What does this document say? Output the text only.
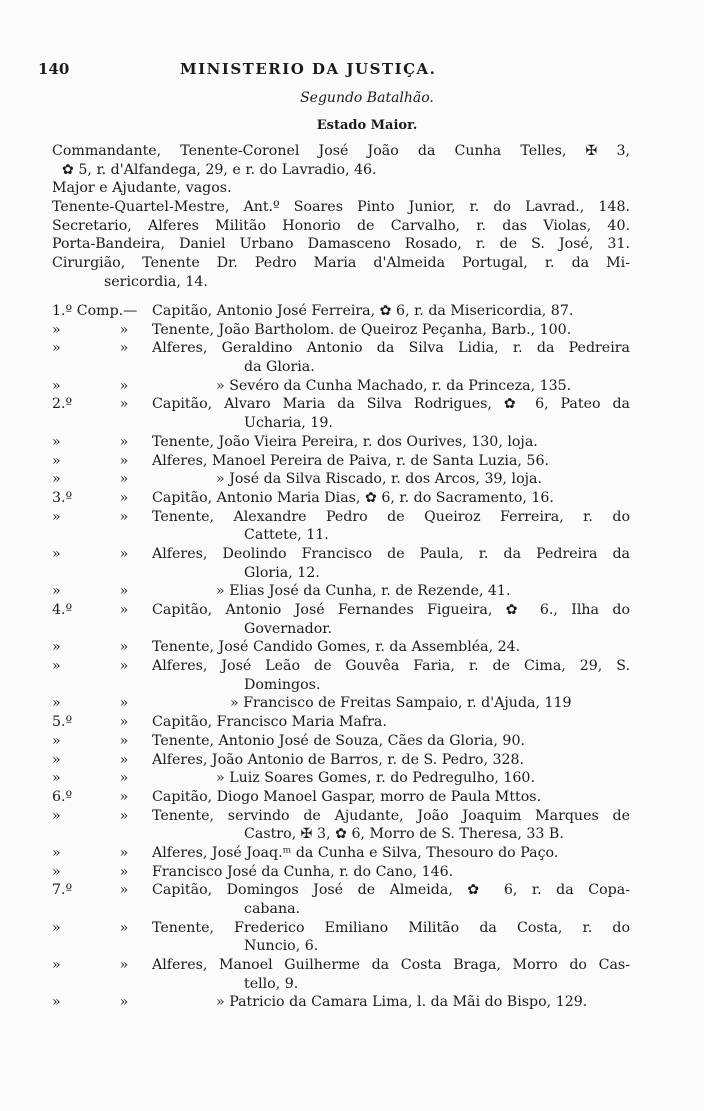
140	MINISTERIO DA JUSTIÇA.
Segundo Batalhão.
Estado Maior.
Commandante, Tenente-Coronel José João da Cunha Telles, ✠ 3,
✿ 5, r. d'Alfandega, 29, e r. do Lavradio, 46.
Major e Ajudante, vagos.
Tenente-Quartel-Mestre, Ant.º Soares Pinto Junior, r. do Lavrad., 148.
Secretario, Alferes Militão Honorio de Carvalho, r. das Violas, 40.
Porta-Bandeira, Daniel Urbano Damasceno Rosado, r. de S. José, 31.
Cirurgião, Tenente Dr. Pedro Maria d'Almeida Portugal, r. da Mi-
sericordia, 14.
1.º Comp.— Capitão, Antonio José Ferreira, ✿ 6, r. da Misericordia, 87.
»	»	Tenente, João Bartholom. de Queiroz Peçanha, Barb., 100.
»	»	Alferes, Geraldino Antonio da Silva Lidia, r. da Pedreira
da Gloria.
»	»	» Sevéro da Cunha Machado, r. da Princeza, 135.
2.º	»	Capitão, Alvaro Maria da Silva Rodrigues, ✿ 6, Pateo da
Ucharia, 19.
»	»	Tenente, João Vieira Pereira, r. dos Ourives, 130, loja.
»	»	Alferes, Manoel Pereira de Paiva, r. de Santa Luzia, 56.
»	»	» José da Silva Riscado, r. dos Arcos, 39, loja.
3.º	»	Capitão, Antonio Maria Dias, ✿ 6, r. do Sacramento, 16.
»	»	Tenente, Alexandre Pedro de Queiroz Ferreira, r. do
Cattete, 11.
»	»	Alferes, Deolindo Francisco de Paula, r. da Pedreira da
Gloria, 12.
»	»	» Elias José da Cunha, r. de Rezende, 41.
4.º	»	Capitão, Antonio José Fernandes Figueira, ✿ 6., Ilha do
Governador.
»	»	Tenente, José Candido Gomes, r. da Assembléa, 24.
»	»	Alferes, José Leão de Gouvêa Faria, r. de Cima, 29, S.
Domingos.
»	»	» Francisco de Freitas Sampaio, r. d'Ajuda, 119
5.º	»	Capitão, Francisco Maria Mafra.
»	»	Tenente, Antonio José de Souza, Cães da Gloria, 90.
»	»	Alferes, João Antonio de Barros, r. de S. Pedro, 328.
»	»	» Luiz Soares Gomes, r. do Pedregulho, 160.
6.º	»	Capitão, Diogo Manoel Gaspar, morro de Paula Mttos.
»	»	Tenente, servindo de Ajudante, João Joaquim Marques de
Castro, ✠ 3, ✿ 6, Morro de S. Theresa, 33 B.
»	»	Alferes, José Joaq.ᵐ da Cunha e Silva, Thesouro do Paço.
»	»	Francisco José da Cunha, r. do Cano, 146.
7.º	»	Capitão, Domingos José de Almeida, ✿ 6, r. da Copa-
cabana.
»	»	Tenente, Frederico Emiliano Militão da Costa, r. do
Nuncio, 6.
»	»	Alferes, Manoel Guilherme da Costa Braga, Morro do Cas-
tello, 9.
»	»	» Patricio da Camara Lima, l. da Mãi do Bispo, 129.
